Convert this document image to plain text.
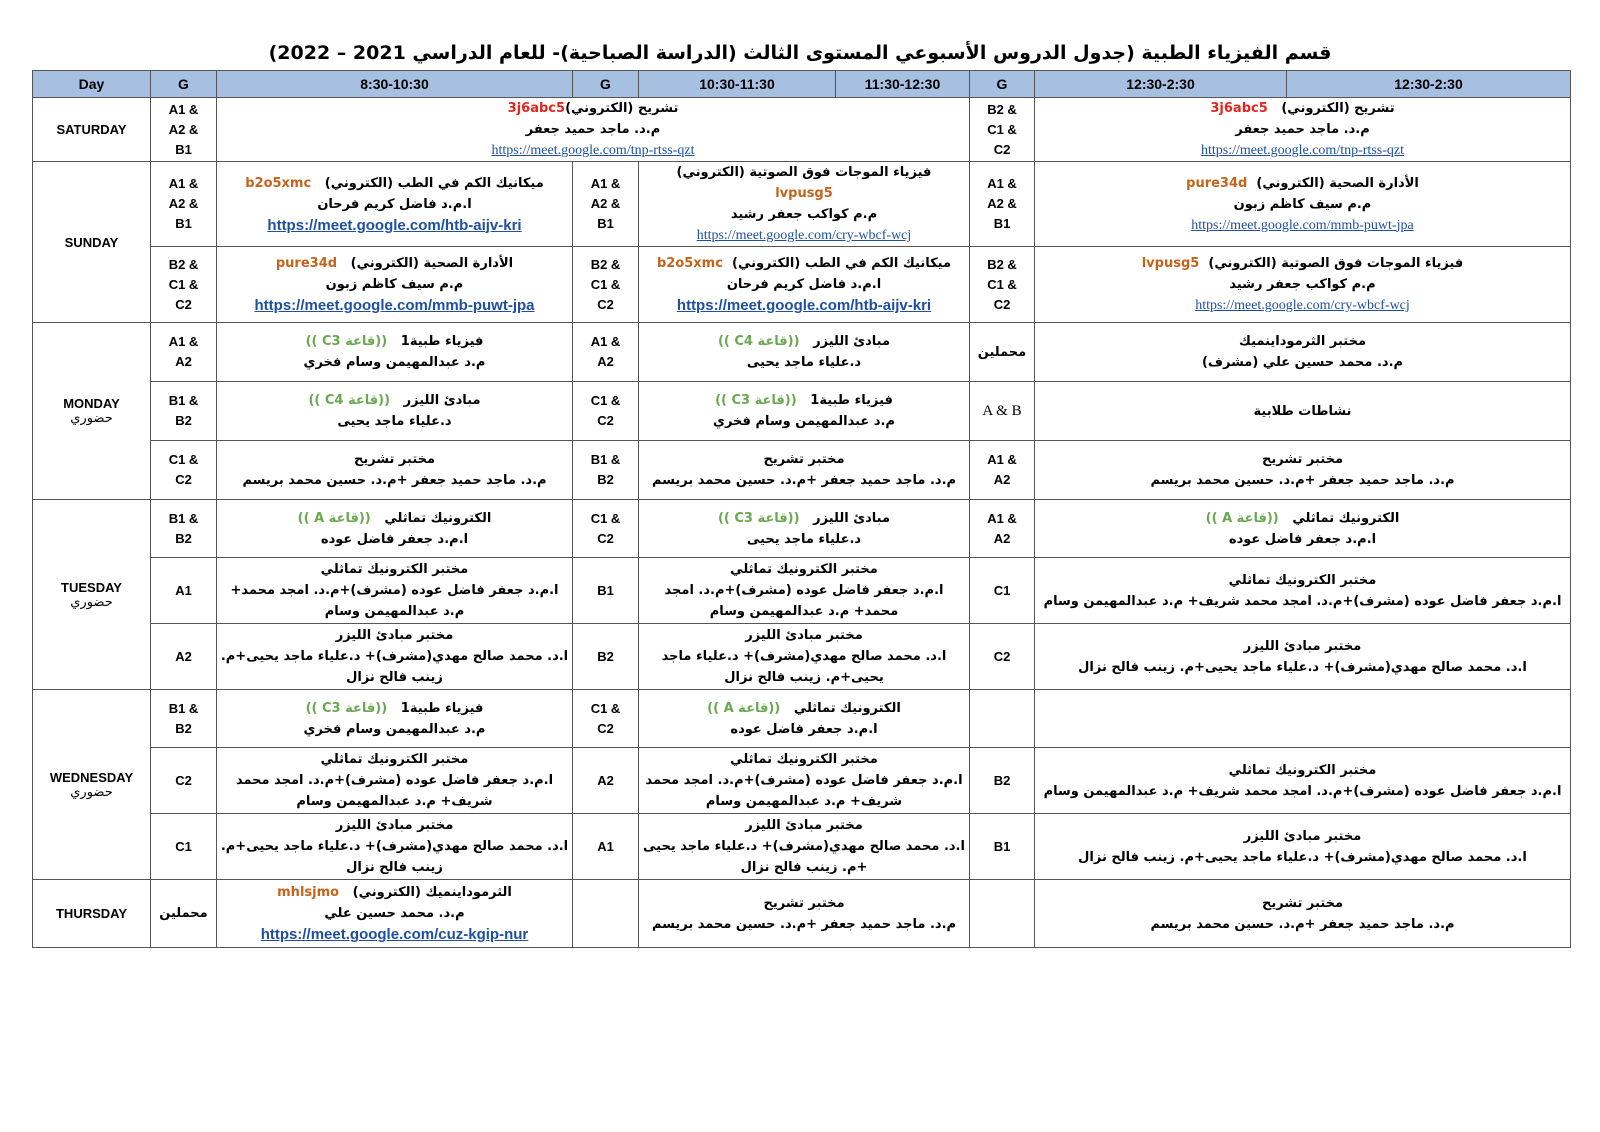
قسم الفيزياء الطبية (جدول الدروس الأسبوعي المستوى الثالث (الدراسة الصباحية)- للعام الدراسي 2021 – 2022)
Day	G	8:30-10:30	G	10:30-11:30	11:30-12:30	G	12:30-2:30	12:30-2:30
SATURDAY	A1 &
A2 &
B1	تشريح (الكتروني)3j6abc5
م.د. ماجد حميد جعفر
https://meet.google.com/tnp-rtss-qzt				B2 &
C1 &
C2	تشريح (الكتروني)   3j6abc5
م.د. ماجد حميد جعفر
https://meet.google.com/tnp-rtss-qzt	

SUNDAY	A1 &
A2 &
B1	ميكانيك الكم في الطب (الكتروني)   b2o5xmc
ا.م.د فاضل كريم فرحان
https://meet.google.com/htb-aijv-kri	A1 &
A2 &
B1	فيزياء الموجات فوق الصوتية (الكتروني)
lvpusg5
م.م كواكب جعفر رشيد
https://meet.google.com/cry-wbcf-wcj		A1 &
A2 &
B1	الأدارة الصحية (الكتروني)  pure34d
م.م سيف كاظم زبون
https://meet.google.com/mmb-puwt-jpa	

	B2 &
C1 &
C2	الأدارة الصحية (الكتروني)   pure34d
م.م سيف كاظم زبون
https://meet.google.com/mmb-puwt-jpa	B2 &
C1 &
C2	ميكانيك الكم في الطب (الكتروني)  b2o5xmc
ا.م.د فاضل كريم فرحان
https://meet.google.com/htb-aijv-kri		B2 &
C1 &
C2	فيزياء الموجات فوق الصوتية (الكتروني)  lvpusg5
م.م كواكب جعفر رشيد
https://meet.google.com/cry-wbcf-wcj	

MONDAY
حضوري	A1 &
A2	فيزياء طبية1   ((قاعة C3 ))
م.د عبدالمهيمن وسام فخري	A1 &
A2	مبادئ الليزر   ((قاعة C4 ))
د.علياء ماجد يحيى		محملين	مختبر الثرموداينميك
م.د. محمد حسين علي (مشرف)	

	B1 &
B2	مبادئ الليزر   ((قاعة C4 ))
د.علياء ماجد يحيى	C1 &
C2	فيزياء طبية1   ((قاعة C3 ))
م.د عبدالمهيمن وسام فخري		A & B	نشاطات طلابية	

	C1 &
C2	مختبر تشريح
م.د. ماجد حميد جعفر +م.د. حسين محمد بريسم	B1 &
B2	مختبر تشريح
م.د. ماجد حميد جعفر +م.د. حسين محمد بريسم		A1 &
A2	مختبر تشريح
م.د. ماجد حميد جعفر +م.د. حسين محمد بريسم	

TUESDAY
حضوري	B1 &
B2	الكترونيك تماثلي   ((قاعة A ))
ا.م.د جعفر فاضل عوده	C1 &
C2	مبادئ الليزر   ((قاعة C3 ))
د.علياء ماجد يحيى		A1 &
A2	الكترونيك تماثلي   ((قاعة A ))
ا.م.د جعفر فاضل عوده	

	A1	مختبر الكترونيك تماثلي
ا.م.د جعفر فاضل عوده (مشرف)+م.د. امجد محمد+ م.د عبدالمهيمن وسام	B1	مختبر الكترونيك تماثلي
ا.م.د جعفر فاضل عوده (مشرف)+م.د. امجد محمد+ م.د عبدالمهيمن وسام		C1	مختبر الكترونيك تماثلي
ا.م.د جعفر فاضل عوده (مشرف)+م.د. امجد محمد شريف+ م.د عبدالمهيمن وسام	

	A2	مختبر مبادئ الليزر
ا.د. محمد صالح مهدي(مشرف)+ د.علياء ماجد يحيى+م. زينب فالح نزال	B2	مختبر مبادئ الليزر
ا.د. محمد صالح مهدي(مشرف)+ د.علياء ماجد يحيى+م. زينب فالح نزال		C2	مختبر مبادئ الليزر
ا.د. محمد صالح مهدي(مشرف)+ د.علياء ماجد يحيى+م. زينب فالح نزال	

WEDNESDAY
حضوري	B1 &
B2	فيزياء طبية1   ((قاعة C3 ))
م.د عبدالمهيمن وسام فخري	C1 &
C2	الكترونيك تماثلي   ((قاعة A ))
ا.م.د جعفر فاضل عوده				

	C2	مختبر الكترونيك تماثلي
ا.م.د جعفر فاضل عوده (مشرف)+م.د. امجد محمد شريف+ م.د عبدالمهيمن وسام	A2	مختبر الكترونيك تماثلي
ا.م.د جعفر فاضل عوده (مشرف)+م.د. امجد محمد شريف+ م.د عبدالمهيمن وسام		B2	مختبر الكترونيك تماثلي
ا.م.د جعفر فاضل عوده (مشرف)+م.د. امجد محمد شريف+ م.د عبدالمهيمن وسام	

	C1	مختبر مبادئ الليزر
ا.د. محمد صالح مهدي(مشرف)+ د.علياء ماجد يحيى+م. زينب فالح نزال	A1	مختبر مبادئ الليزر
ا.د. محمد صالح مهدي(مشرف)+ د.علياء ماجد يحيى +م. زينب فالح نزال		B1	مختبر مبادئ الليزر
ا.د. محمد صالح مهدي(مشرف)+ د.علياء ماجد يحيى+م. زينب فالح نزال	

THURSDAY	محملين	الثرموداينميك (الكتروني)   mhlsjmo
م.د. محمد حسين علي
https://meet.google.com/cuz-kgip-nur		مختبر تشريح
م.د. ماجد حميد جعفر +م.د. حسين محمد بريسم			مختبر تشريح
م.د. ماجد حميد جعفر +م.د. حسين محمد بريسم	
